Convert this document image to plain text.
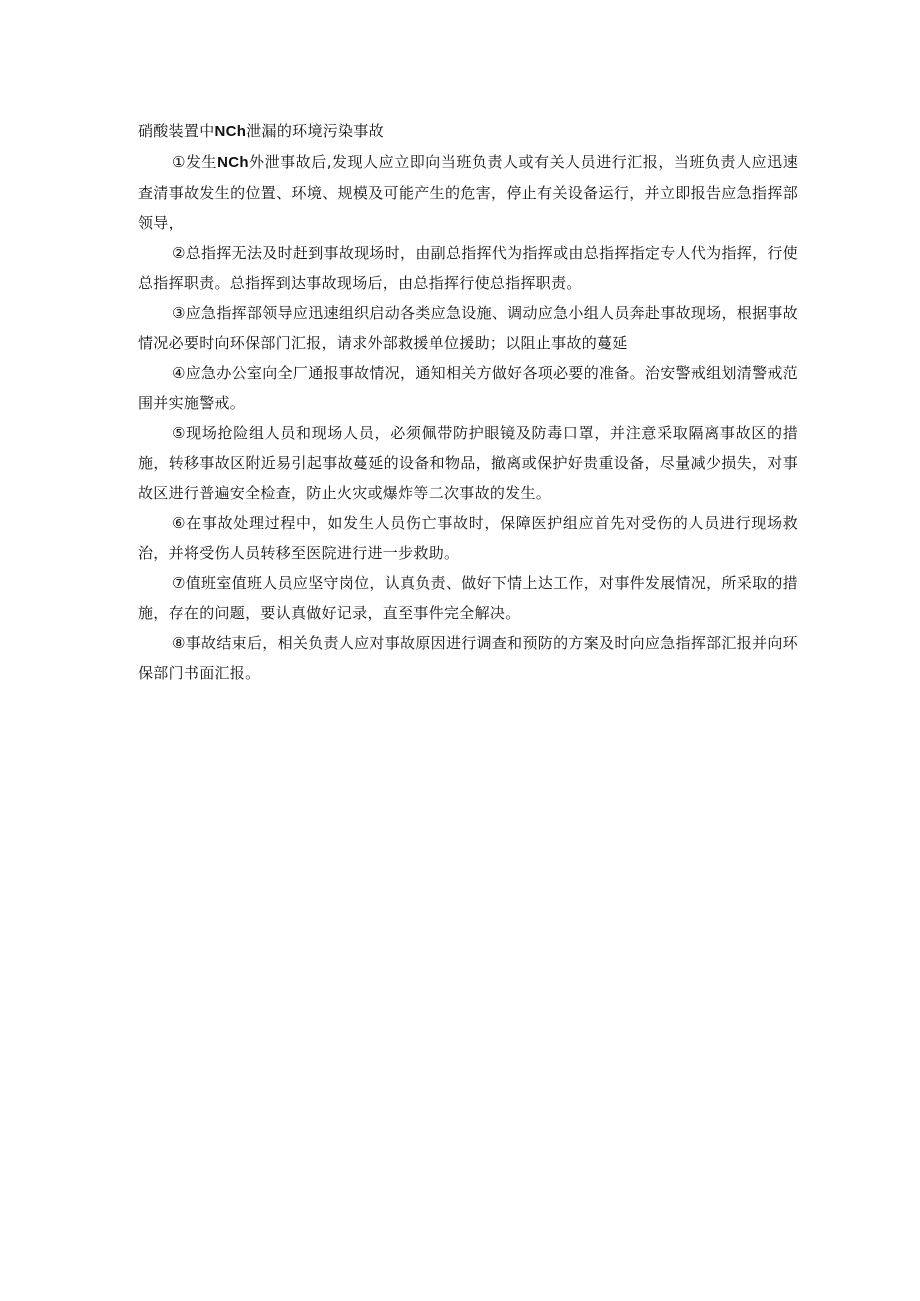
硝酸装置中NCh泄漏的环境污染事故

①发生NCh外泄事故后,发现人应立即向当班负责人或有关人员进行汇报，当班负责人应迅速查清事故发生的位置、环境、规模及可能产生的危害，停止有关设备运行，并立即报告应急指挥部领导，

②总指挥无法及时赶到事故现场时，由副总指挥代为指挥或由总指挥指定专人代为指挥，行使总指挥职责。总指挥到达事故现场后，由总指挥行使总指挥职责。

③应急指挥部领导应迅速组织启动各类应急设施、调动应急小组人员奔赴事故现场，根据事故情况必要时向环保部门汇报，请求外部救援单位援助；以阻止事故的蔓延

④应急办公室向全厂通报事故情况，通知相关方做好各项必要的准备。治安警戒组划清警戒范围并实施警戒。

⑤现场抢险组人员和现场人员，必须佩带防护眼镜及防毒口罩，并注意采取隔离事故区的措施，转移事故区附近易引起事故蔓延的设备和物品，撤离或保护好贵重设备，尽量减少损失，对事故区进行普遍安全检查，防止火灾或爆炸等二次事故的发生。

⑥在事故处理过程中，如发生人员伤亡事故时，保障医护组应首先对受伤的人员进行现场救治，并将受伤人员转移至医院进行进一步救助。

⑦值班室值班人员应坚守岗位，认真负责、做好下情上达工作，对事件发展情况，所采取的措施，存在的问题，要认真做好记录，直至事件完全解决。

⑧事故结束后，相关负责人应对事故原因进行调查和预防的方案及时向应急指挥部汇报并向环保部门书面汇报。
